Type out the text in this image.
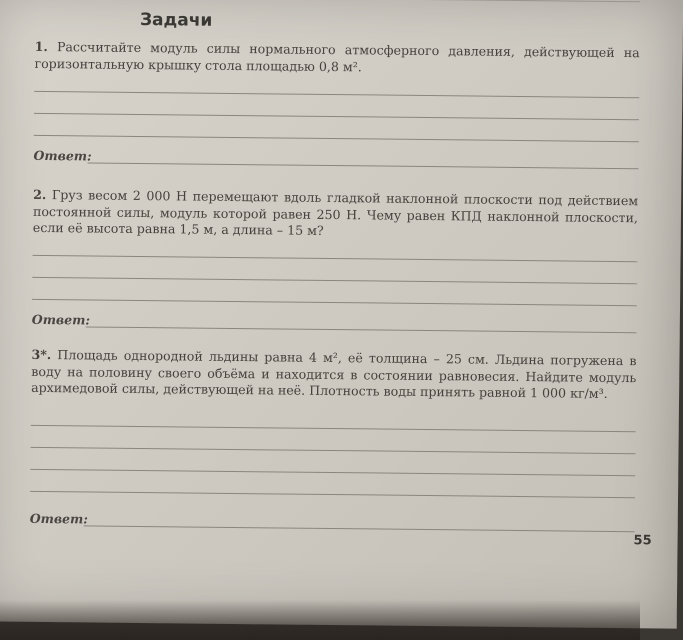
Задачи

1. Рассчитайте модуль силы нормального атмосферного давления, действующей на горизонтальную крышку стола площадью 0,8 м².

Ответ:

2. Груз весом 2 000 Н перемещают вдоль гладкой наклонной плоскости под действием постоянной силы, модуль которой равен 250 Н. Чему равен КПД наклонной плоскости, если её высота равна 1,5 м, а длина – 15 м?

Ответ:

3*. Площадь однородной льдины равна 4 м², её толщина – 25 см. Льдина погружена в воду на половину своего объёма и находится в состоянии равновесия. Найдите модуль архимедовой силы, действующей на неё. Плотность воды принять равной 1 000 кг/м³.

Ответ:
55
